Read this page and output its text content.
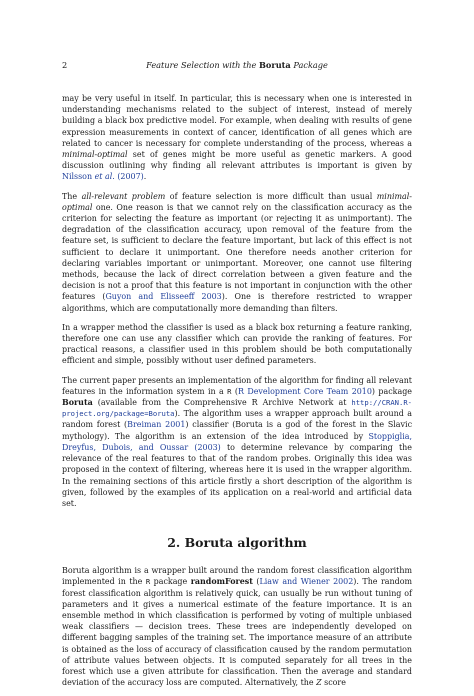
2	Feature Selection with the Boruta Package

may be very useful in itself. In particular, this is necessary when one is interested in understanding mechanisms related to the subject of interest, instead of merely building a black box predictive model. For example, when dealing with results of gene expression measurements in context of cancer, identification of all genes which are related to cancer is necessary for complete understanding of the process, whereas a minimal-optimal set of genes might be more useful as genetic markers. A good discussion outlining why finding all relevant attributes is important is given by Nilsson et al. (2007).

The all-relevant problem of feature selection is more difficult than usual minimal-optimal one. One reason is that we cannot rely on the classification accuracy as the criterion for selecting the feature as important (or rejecting it as unimportant). The degradation of the classification accuracy, upon removal of the feature from the feature set, is sufficient to declare the feature important, but lack of this effect is not sufficient to declare it unimportant. One therefore needs another criterion for declaring variables important or unimportant. Moreover, one cannot use filtering methods, because the lack of direct correlation between a given feature and the decision is not a proof that this feature is not important in conjunction with the other features (Guyon and Elisseeff 2003). One is therefore restricted to wrapper algorithms, which are computationally more demanding than filters.

In a wrapper method the classifier is used as a black box returning a feature ranking, therefore one can use any classifier which can provide the ranking of features. For practical reasons, a classifier used in this problem should be both computationally efficient and simple, possibly without user defined parameters.

The current paper presents an implementation of the algorithm for finding all relevant features in the information system in a R (R Development Core Team 2010) package Boruta (available from the Comprehensive R Archive Network at http://CRAN.R-project.org/package=Boruta). The algorithm uses a wrapper approach built around a random forest (Breiman 2001) classifier (Boruta is a god of the forest in the Slavic mythology). The algorithm is an extension of the idea introduced by Stoppiglia, Dreyfus, Dubois, and Oussar (2003) to determine relevance by comparing the relevance of the real features to that of the random probes. Originally this idea was proposed in the context of filtering, whereas here it is used in the wrapper algorithm. In the remaining sections of this article firstly a short description of the algorithm is given, followed by the examples of its application on a real-world and artificial data set.

2. Boruta algorithm

Boruta algorithm is a wrapper built around the random forest classification algorithm implemented in the R package randomForest (Liaw and Wiener 2002). The random forest classification algorithm is relatively quick, can usually be run without tuning of parameters and it gives a numerical estimate of the feature importance. It is an ensemble method in which classification is performed by voting of multiple unbiased weak classifiers — decision trees. These trees are independently developed on different bagging samples of the training set. The importance measure of an attribute is obtained as the loss of accuracy of classification caused by the random permutation of attribute values between objects. It is computed separately for all trees in the forest which use a given attribute for classification. Then the average and standard deviation of the accuracy loss are computed. Alternatively, the Z score
